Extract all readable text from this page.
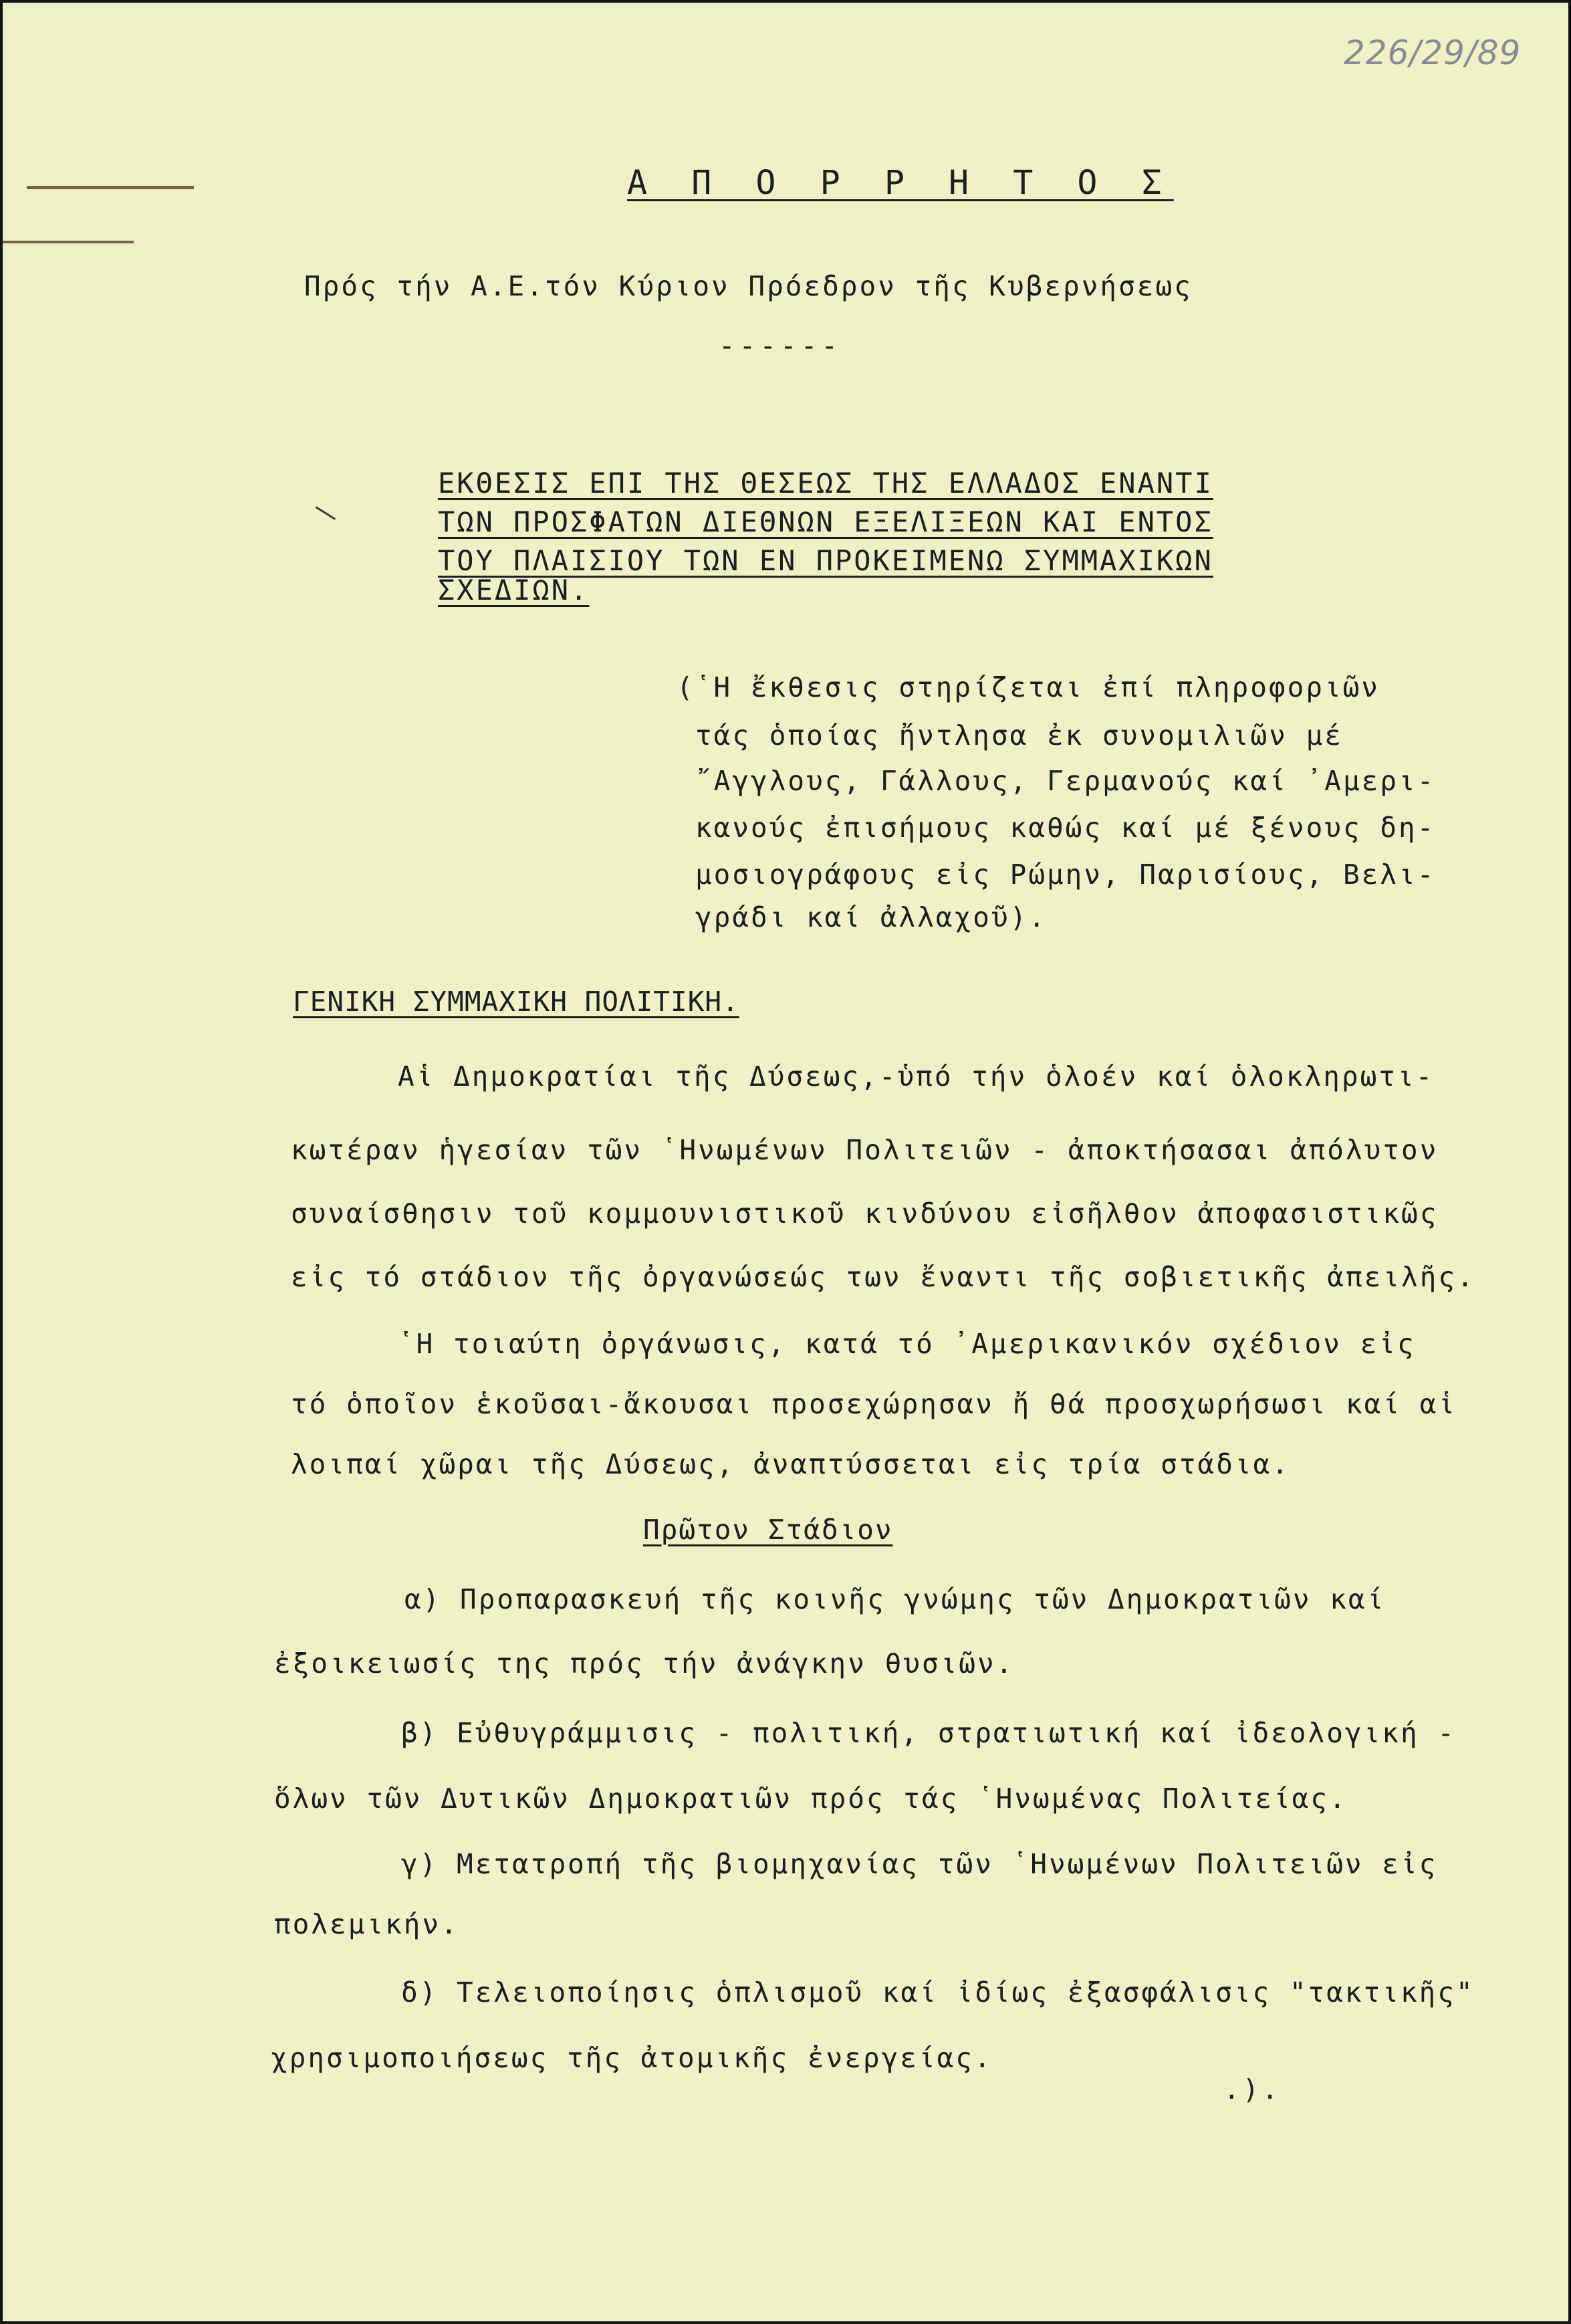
226/29/89
Α Π Ο Ρ Ρ Η Τ Ο Σ
Πρός τήν Α.Ε.τόν Κύριον Πρόεδρον τῆς Κυβερνήσεως
------
ΕΚΘΕΣΙΣ ΕΠΙ ΤΗΣ ΘΕΣΕΩΣ ΤΗΣ ΕΛΛΑΔΟΣ ΕΝΑΝΤΙ
ΤΩΝ ΠΡΟΣΦΑΤΩΝ ΔΙΕΘΝΩΝ ΕΞΕΛΙΞΕΩΝ ΚΑΙ ΕΝΤΟΣ
ΤΟΥ ΠΛΑΙΣΙΟΥ ΤΩΝ ΕΝ ΠΡΟΚΕΙΜΕΝΩ ΣΥΜΜΑΧΙΚΩΝ
ΣΧΕΔΙΩΝ.
(῾Η ἔκθεσις στηρίζεται ἐπί πληροφοριῶν
τάς ὁποίας ἤντλησα ἐκ συνομιλιῶν μέ
῎Αγγλους, Γάλλους, Γερμανούς καί ᾿Αμερι-
κανούς ἐπισήμους καθώς καί μέ ξένους δη-
μοσιογράφους εἰς Ρώμην, Παρισίους, Βελι-
γράδι καί ἀλλαχοῦ).
ΓΕΝΙΚΗ ΣΥΜΜΑΧΙΚΗ ΠΟΛΙΤΙΚΗ.
Αἱ Δημοκρατίαι τῆς Δύσεως,-ὑπό τήν ὁλοέν καί ὁλοκληρωτι-
κωτέραν ἡγεσίαν τῶν ῾Ηνωμένων Πολιτειῶν - ἀποκτήσασαι ἀπόλυτον
συναίσθησιν τοῦ κομμουνιστικοῦ κινδύνου εἰσῆλθον ἀποφασιστικῶς
εἰς τό στάδιον τῆς ὀργανώσεώς των ἔναντι τῆς σοβιετικῆς ἀπειλῆς.
῾Η τοιαύτη ὀργάνωσις, κατά τό ᾿Αμερικανικόν σχέδιον εἰς
τό ὁποῖον ἑκοῦσαι-ἄκουσαι προσεχώρησαν ἤ θά προσχωρήσωσι καί αἱ
λοιπαί χῶραι τῆς Δύσεως, ἀναπτύσσεται εἰς τρία στάδια.
Πρῶτον Στάδιον
α) Προπαρασκευή τῆς κοινῆς γνώμης τῶν Δημοκρατιῶν καί
ἐξοικειωσίς της πρός τήν ἀνάγκην θυσιῶν.
β) Εὐθυγράμμισις - πολιτική, στρατιωτική καί ἰδεολογική -
ὅλων τῶν Δυτικῶν Δημοκρατιῶν πρός τάς ῾Ηνωμένας Πολιτείας.
γ) Μετατροπή τῆς βιομηχανίας τῶν ῾Ηνωμένων Πολιτειῶν εἰς
πολεμικήν.
δ) Τελειοποίησις ὁπλισμοῦ καί ἰδίως ἐξασφάλισις "τακτικῆς"
χρησιμοποιήσεως τῆς ἀτομικῆς ἐνεργείας.
.).
